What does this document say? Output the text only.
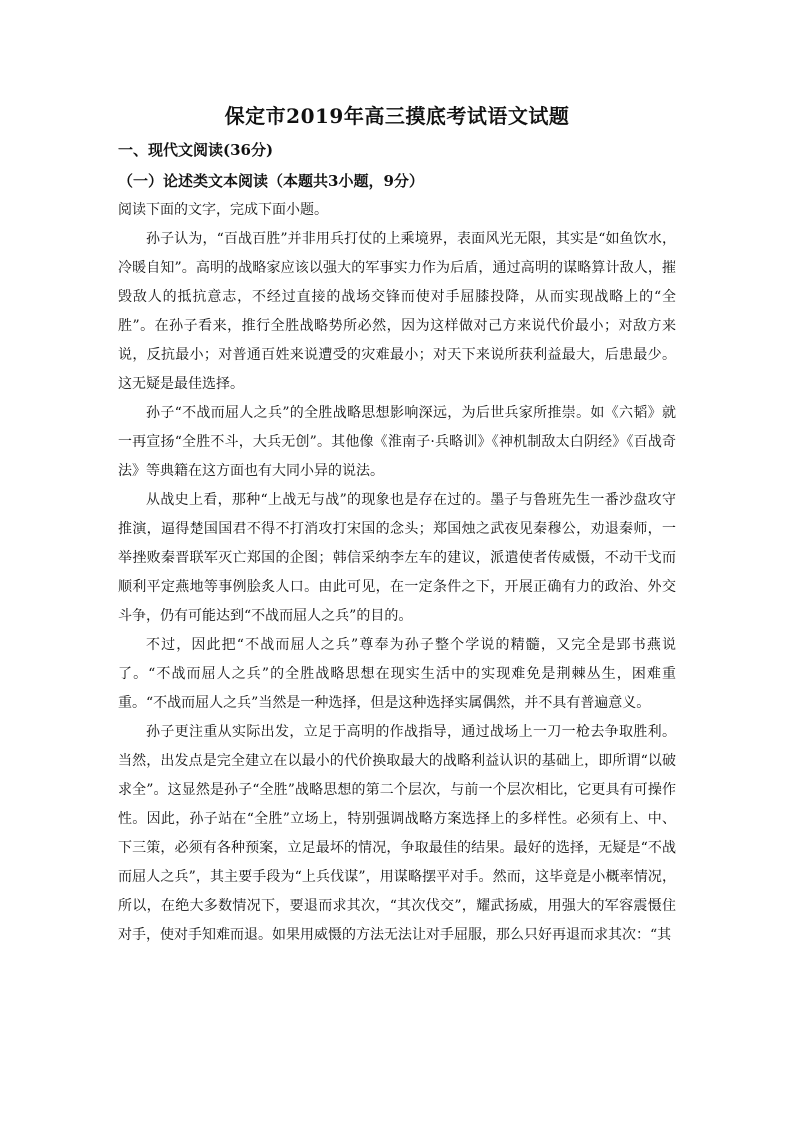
保定市2019年高三摸底考试语文试题
一、现代文阅读(36分)
（一）论述类文本阅读（本题共3小题，9分）
阅读下面的文字，完成下面小题。

孙子认为，“百战百胜”并非用兵打仗的上乘境界，表面风光无限，其实是“如鱼饮水，冷暖自知”。高明的战略家应该以强大的军事实力作为后盾，通过高明的谋略算计敌人，摧毁敌人的抵抗意志，不经过直接的战场交锋而使对手屈膝投降，从而实现战略上的“全胜”。在孙子看来，推行全胜战略势所必然，因为这样做对己方来说代价最小；对敌方来说，反抗最小；对普通百姓来说遭受的灾难最小；对天下来说所获利益最大，后患最少。这无疑是最佳选择。

孙子“不战而屈人之兵”的全胜战略思想影响深远，为后世兵家所推崇。如《六韬》就一再宣扬“全胜不斗，大兵无创”。其他像《淮南子·兵略训》《神机制敌太白阴经》《百战奇法》等典籍在这方面也有大同小异的说法。

从战史上看，那种“上战无与战”的现象也是存在过的。墨子与鲁班先生一番沙盘攻守推演，逼得楚国国君不得不打消攻打宋国的念头；郑国烛之武夜见秦穆公，劝退秦师，一举挫败秦晋联军灭亡郑国的企图；韩信采纳李左车的建议，派遣使者传威慑，不动干戈而顺利平定燕地等事例脍炙人口。由此可见，在一定条件之下，开展正确有力的政治、外交斗争，仍有可能达到“不战而屈人之兵”的目的。

不过，因此把“不战而屈人之兵”尊奉为孙子整个学说的精髓，又完全是郢书燕说了。“不战而屈人之兵”的全胜战略思想在现实生活中的实现难免是荆棘丛生，困难重重。“不战而屈人之兵”当然是一种选择，但是这种选择实属偶然，并不具有普遍意义。

孙子更注重从实际出发，立足于高明的作战指导，通过战场上一刀一枪去争取胜利。当然，出发点是完全建立在以最小的代价换取最大的战略利益认识的基础上，即所谓“以破求全”。这显然是孙子“全胜”战略思想的第二个层次，与前一个层次相比，它更具有可操作性。因此，孙子站在“全胜”立场上，特别强调战略方案选择上的多样性。必须有上、中、下三策，必须有各种预案，立足最坏的情况，争取最佳的结果。最好的选择，无疑是“不战而屈人之兵”，其主要手段为“上兵伐谋”，用谋略摆平对手。然而，这毕竟是小概率情况，所以，在绝大多数情况下，要退而求其次，“其次伐交”，耀武扬威，用强大的军容震慑住对手，使对手知难而退。如果用威慑的方法无法让对手屈服，那么只好再退而求其次：“其
